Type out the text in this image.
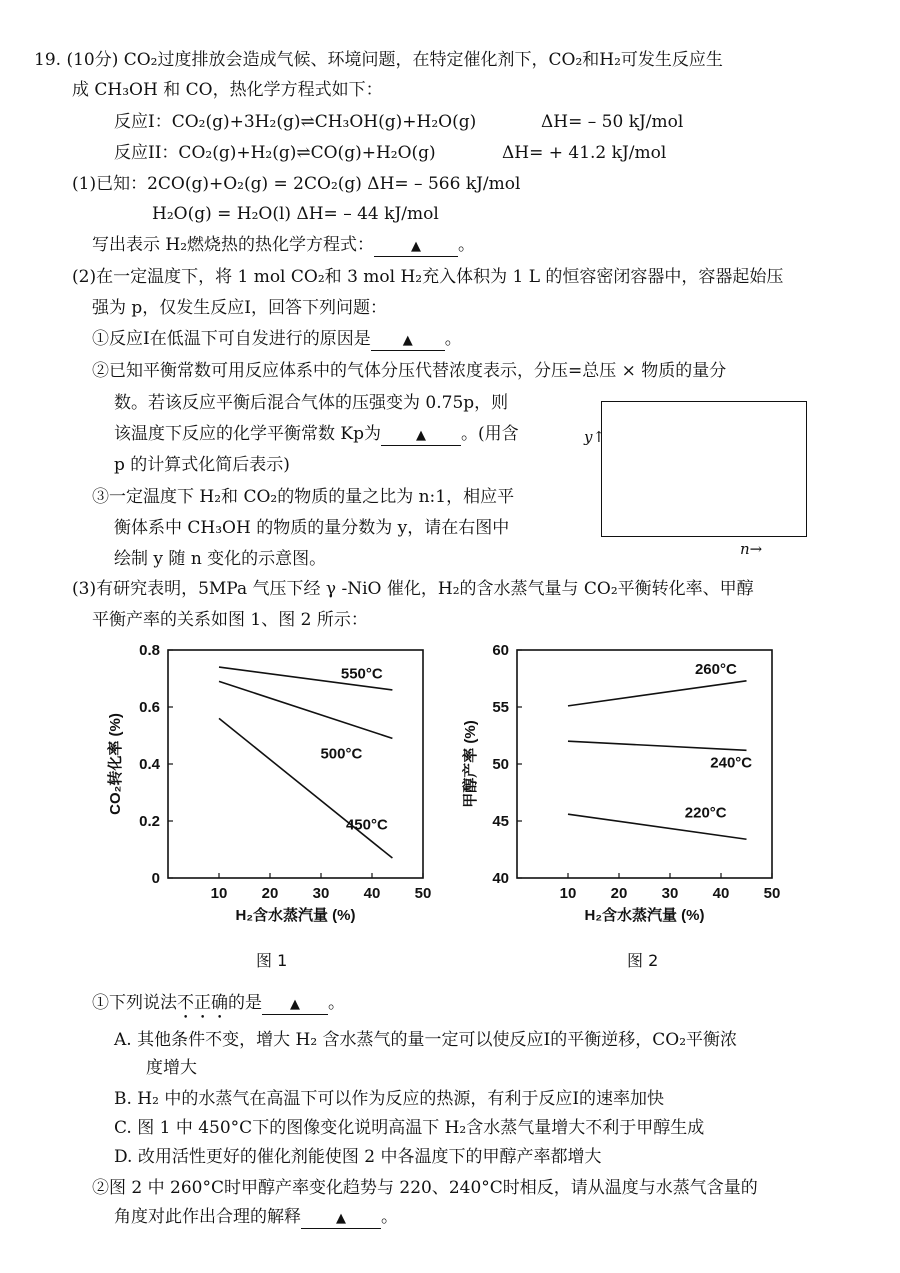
19. (10分) CO₂过度排放会造成气候、环境问题，在特定催化剂下，CO₂和H₂可发生反应生
成 CH₃OH 和 CO，热化学方程式如下：
反应I：CO₂(g)+3H₂(g)⇌CH₃OH(g)+H₂O(g)	ΔH= – 50 kJ/mol
反应II：CO₂(g)+H₂(g)⇌CO(g)+H₂O(g)	ΔH= + 41.2 kJ/mol
(1)已知：2CO(g)+O₂(g) = 2CO₂(g) ΔH= – 566 kJ/mol
H₂O(g) = H₂O(l) ΔH= – 44 kJ/mol
写出表示 H₂燃烧热的热化学方程式：	▲ 。
(2)在一定温度下，将 1 mol CO₂和 3 mol H₂充入体积为 1 L 的恒容密闭容器中，容器起始压
强为 p，仅发生反应I，回答下列问题：
①反应I在低温下可自发进行的原因是 ▲ 。
②已知平衡常数可用反应体系中的气体分压代替浓度表示，分压=总压 × 物质的量分
数。若该反应平衡后混合气体的压强变为 0.75p，则
该温度下反应的化学平衡常数 Kp为	▲ 。(用含
p 的计算式化简后表示)
③一定温度下 H₂和 CO₂的物质的量之比为 n:1，相应平
衡体系中 CH₃OH 的物质的量分数为 y，请在右图中
绘制 y 随 n 变化的示意图。
y↑
n→
(3)有研究表明，5MPa 气压下经 γ -NiO 催化，H₂的含水蒸气量与 CO₂平衡转化率、甲醇
平衡产率的关系如图 1、图 2 所示：
0
0.2
0.4
0.6
0.8
10 20 30 40 50
H₂含水蒸汽量 (%)
CO₂转化率 (%)
550°C
500°C
450°C
40
45
50
55
60
10 20 30 40 50
H₂含水蒸汽量 (%)
甲醇产率 (%)
260°C
240°C
220°C
图 1	图 2
①下列说法不正确的是 ▲ 。
A. 其他条件不变，增大 H₂ 含水蒸气的量一定可以使反应I的平衡逆移，CO₂平衡浓
度增大
B. H₂ 中的水蒸气在高温下可以作为反应的热源，有利于反应I的速率加快
C. 图 1 中 450°C下的图像变化说明高温下 H₂含水蒸气量增大不利于甲醇生成
D. 改用活性更好的催化剂能使图 2 中各温度下的甲醇产率都增大
②图 2 中 260°C时甲醇产率变化趋势与 220、240°C时相反，请从温度与水蒸气含量的
角度对此作出合理的解释	▲ 。
